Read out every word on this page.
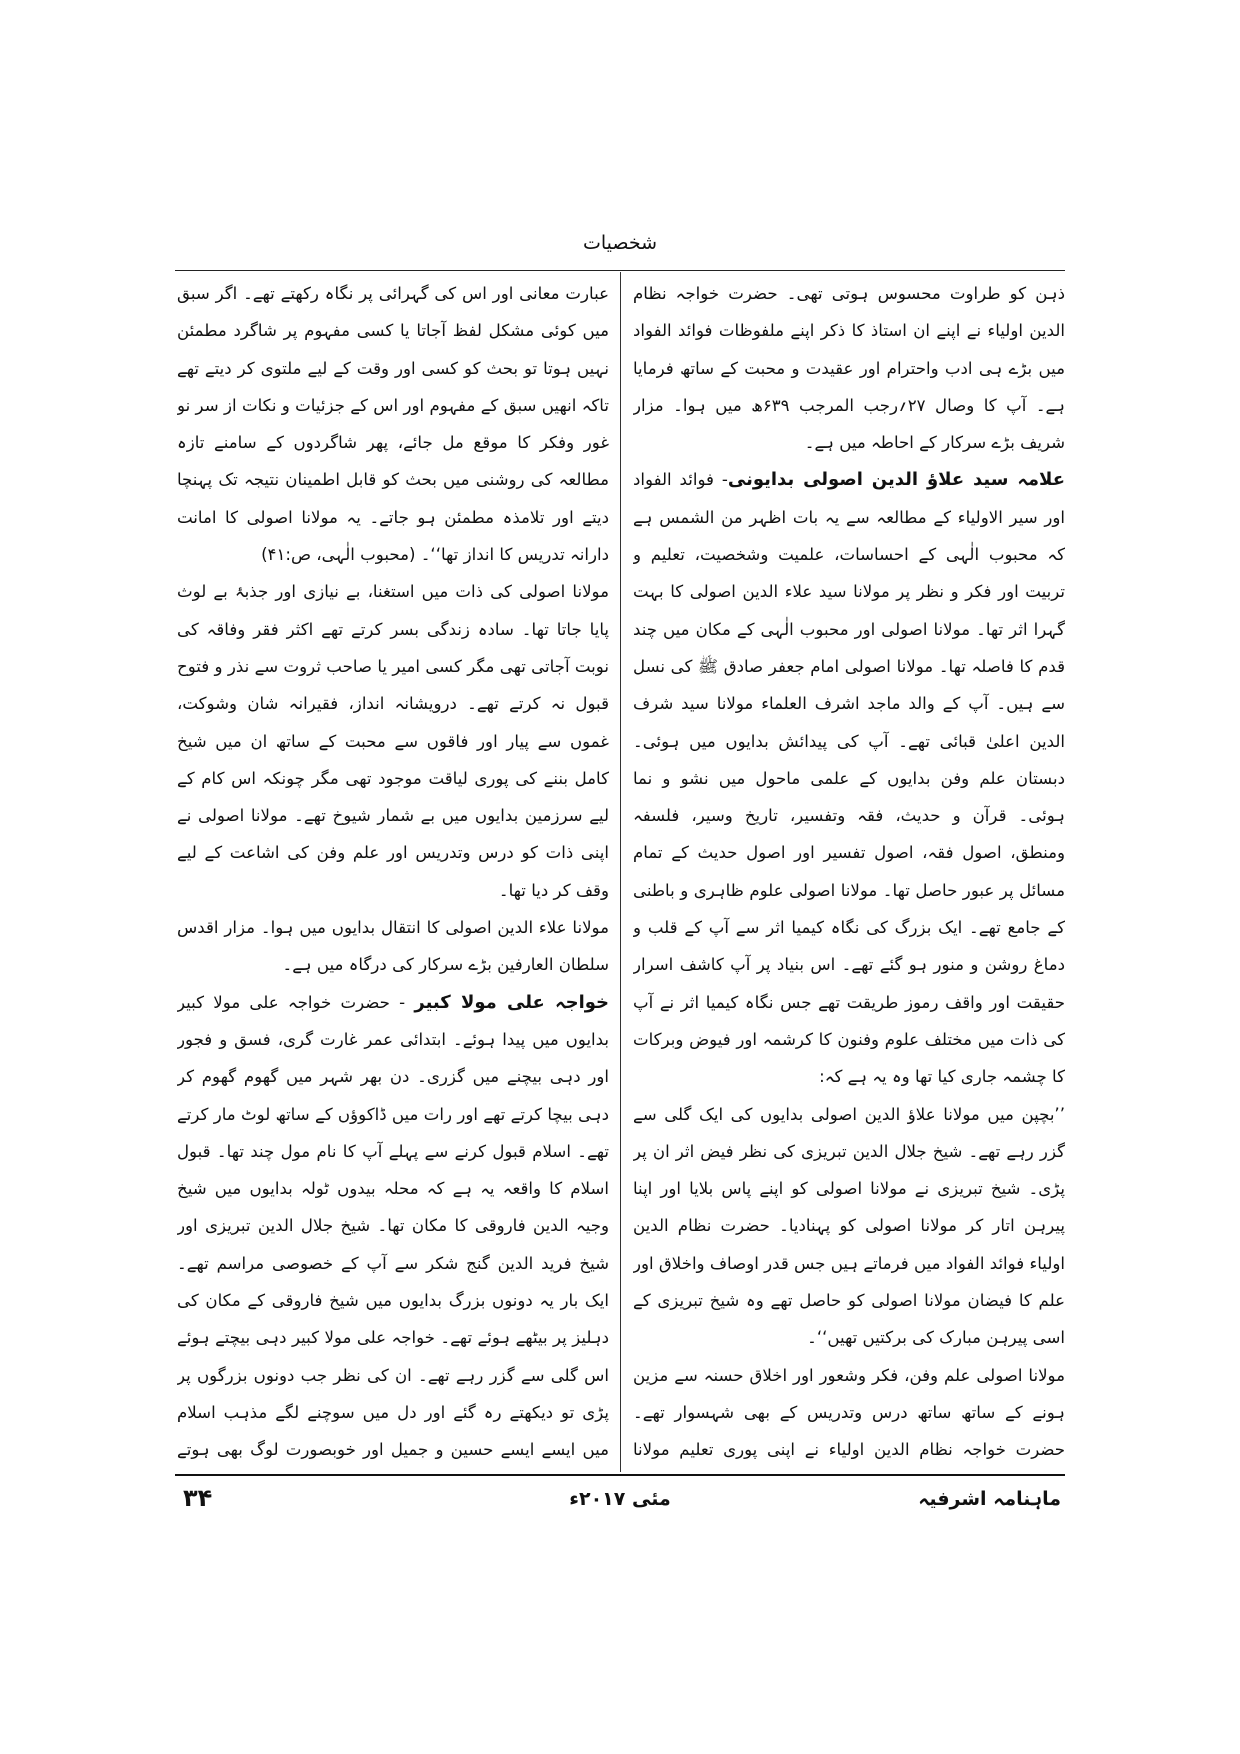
شخصیات

ذہن کو طراوت محسوس ہوتی تھی۔ حضرت خواجہ نظام الدین اولیاء نے اپنے ان استاذ کا ذکر اپنے ملفوظات فوائد الفواد میں بڑے ہی ادب واحترام اور عقیدت و محبت کے ساتھ فرمایا ہے۔ آپ کا وصال ۲۷؍رجب المرجب ۶۳۹ھ میں ہوا۔ مزار شریف بڑے سرکار کے احاطہ میں ہے۔

علامہ سید علاؤ الدین اصولی بدایونی- فوائد الفواد اور سیر الاولیاء کے مطالعہ سے یہ بات اظہر من الشمس ہے کہ محبوب الٰہی کے احساسات، علمیت وشخصیت، تعلیم و تربیت اور فکر و نظر پر مولانا سید علاء الدین اصولی کا بہت گہرا اثر تھا۔ مولانا اصولی اور محبوب الٰہی کے مکان میں چند قدم کا فاصلہ تھا۔ مولانا اصولی امام جعفر صادق ﷺ کی نسل سے ہیں۔ آپ کے والد ماجد اشرف العلماء مولانا سید شرف الدین اعلیٰ قبائی تھے۔ آپ کی پیدائش بدایوں میں ہوئی۔ دبستان علم وفن بدایوں کے علمی ماحول میں نشو و نما ہوئی۔ قرآن و حدیث، فقہ وتفسیر، تاریخ وسیر، فلسفہ ومنطق، اصول فقہ، اصول تفسیر اور اصول حدیث کے تمام مسائل پر عبور حاصل تھا۔ مولانا اصولی علوم ظاہری و باطنی کے جامع تھے۔ ایک بزرگ کی نگاہ کیمیا اثر سے آپ کے قلب و دماغ روشن و منور ہو گئے تھے۔ اس بنیاد پر آپ کاشف اسرار حقیقت اور واقف رموز طریقت تھے جس نگاہ کیمیا اثر نے آپ کی ذات میں مختلف علوم وفنون کا کرشمہ اور فیوض وبرکات کا چشمہ جاری کیا تھا وہ یہ ہے کہ:

’’بچپن میں مولانا علاؤ الدین اصولی بدایوں کی ایک گلی سے گزر رہے تھے۔ شیخ جلال الدین تبریزی کی نظر فیض اثر ان پر پڑی۔ شیخ تبریزی نے مولانا اصولی کو اپنے پاس بلایا اور اپنا پیرہن اتار کر مولانا اصولی کو پہنادیا۔ حضرت نظام الدین اولیاء فوائد الفواد میں فرماتے ہیں جس قدر اوصاف واخلاق اور علم کا فیضان مولانا اصولی کو حاصل تھے وہ شیخ تبریزی کے اسی پیرہن مبارک کی برکتیں تھیں‘‘۔

مولانا اصولی علم وفن، فکر وشعور اور اخلاق حسنہ سے مزین ہونے کے ساتھ ساتھ درس وتدریس کے بھی شہسوار تھے۔ حضرت خواجہ نظام الدین اولیاء نے اپنی پوری تعلیم مولانا

عبارت معانی اور اس کی گہرائی پر نگاہ رکھتے تھے۔ اگر سبق میں کوئی مشکل لفظ آجاتا یا کسی مفہوم پر شاگرد مطمئن نہیں ہوتا تو بحث کو کسی اور وقت کے لیے ملتوی کر دیتے تھے تاکہ انھیں سبق کے مفہوم اور اس کے جزئیات و نکات از سر نو غور وفکر کا موقع مل جائے، پھر شاگردوں کے سامنے تازہ مطالعہ کی روشنی میں بحث کو قابل اطمینان نتیجہ تک پہنچا دیتے اور تلامذہ مطمئن ہو جاتے۔ یہ مولانا اصولی کا امانت دارانہ تدریس کا انداز تھا‘‘۔ (محبوب الٰہی، ص:۴۱)

مولانا اصولی کی ذات میں استغنا، بے نیازی اور جذبۂ بے لوث پایا جاتا تھا۔ سادہ زندگی بسر کرتے تھے اکثر فقر وفاقہ کی نوبت آجاتی تھی مگر کسی امیر یا صاحب ثروت سے نذر و فتوح قبول نہ کرتے تھے۔ درویشانہ انداز، فقیرانہ شان وشوکت، غموں سے پیار اور فاقوں سے محبت کے ساتھ ان میں شیخ کامل بننے کی پوری لیاقت موجود تھی مگر چونکہ اس کام کے لیے سرزمین بدایوں میں بے شمار شیوخ تھے۔ مولانا اصولی نے اپنی ذات کو درس وتدریس اور علم وفن کی اشاعت کے لیے وقف کر دیا تھا۔

مولانا علاء الدین اصولی کا انتقال بدایوں میں ہوا۔ مزار اقدس سلطان العارفین بڑے سرکار کی درگاہ میں ہے۔

خواجہ علی مولا کبیر - حضرت خواجہ علی مولا کبیر بدایوں میں پیدا ہوئے۔ ابتدائی عمر غارت گری، فسق و فجور اور دہی بیچنے میں گزری۔ دن بھر شہر میں گھوم گھوم کر دہی بیچا کرتے تھے اور رات میں ڈاکوؤں کے ساتھ لوٹ مار کرتے تھے۔ اسلام قبول کرنے سے پہلے آپ کا نام مول چند تھا۔ قبول اسلام کا واقعہ یہ ہے کہ محلہ بیدوں ٹولہ بدایوں میں شیخ وجیہ الدین فاروقی کا مکان تھا۔ شیخ جلال الدین تبریزی اور شیخ فرید الدین گنج شکر سے آپ کے خصوصی مراسم تھے۔ ایک بار یہ دونوں بزرگ بدایوں میں شیخ فاروقی کے مکان کی دہلیز پر بیٹھے ہوئے تھے۔ خواجہ علی مولا کبیر دہی بیچتے ہوئے اس گلی سے گزر رہے تھے۔ ان کی نظر جب دونوں بزرگوں پر پڑی تو دیکھتے رہ گئے اور دل میں سوچنے لگے مذہب اسلام میں ایسے ایسے حسین و جمیل اور خوبصورت لوگ بھی ہوتے

ماہنامہ اشرفیہ
مئی ۲۰۱۷ء
۳۴
